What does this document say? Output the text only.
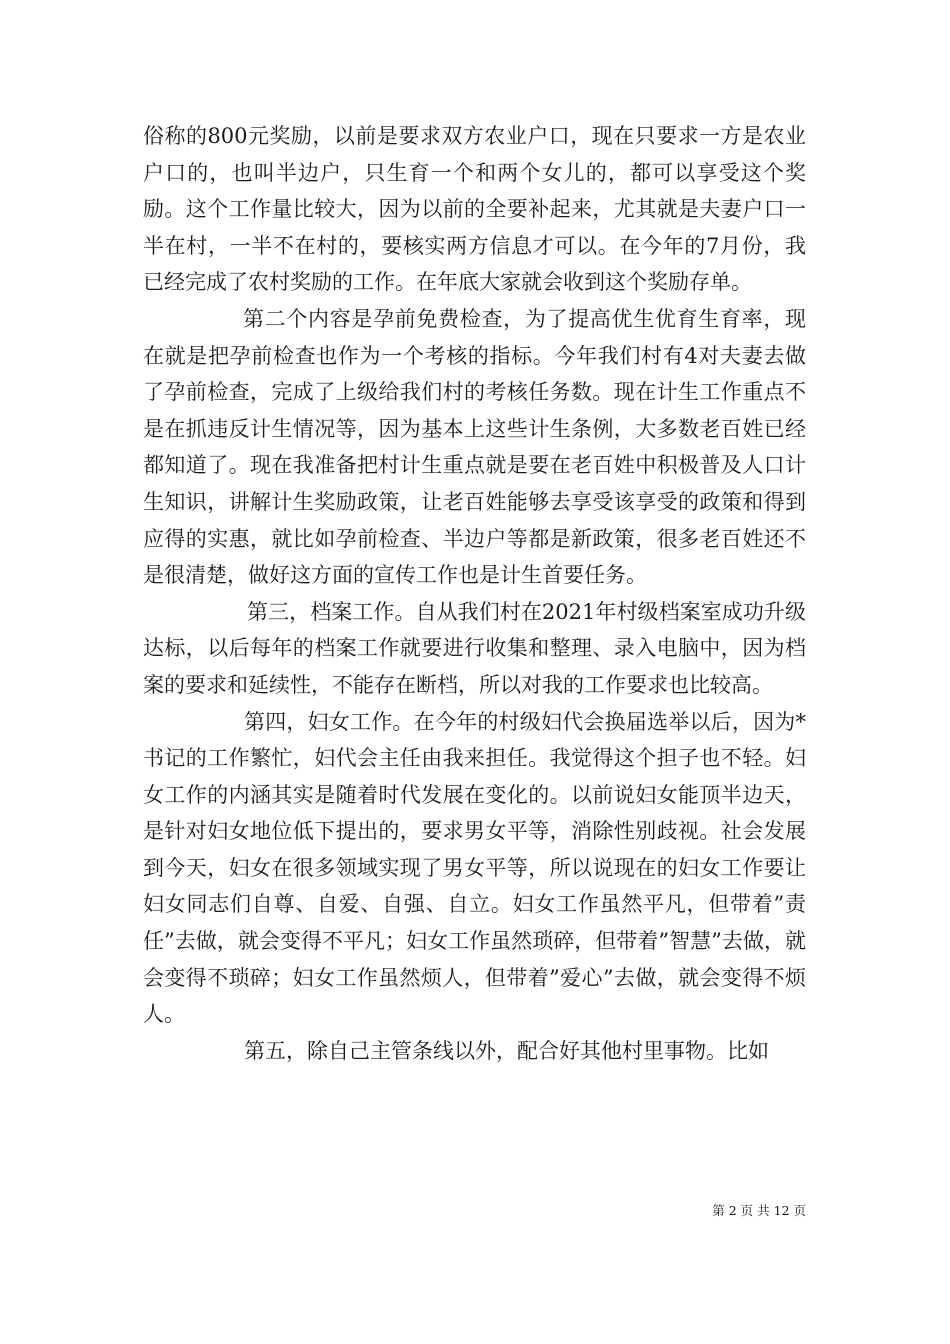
俗称的800元奖励，以前是要求双方农业户口，现在只要求一方是农业户口的，也叫半边户，只生育一个和两个女儿的，都可以享受这个奖励。这个工作量比较大，因为以前的全要补起来，尤其就是夫妻户口一半在村，一半不在村的，要核实两方信息才可以。在今年的7月份，我已经完成了农村奖励的工作。在年底大家就会收到这个奖励存单。

第二个内容是孕前免费检查，为了提高优生优育生育率，现在就是把孕前检查也作为一个考核的指标。今年我们村有4对夫妻去做了孕前检查，完成了上级给我们村的考核任务数。现在计生工作重点不是在抓违反计生情况等，因为基本上这些计生条例，大多数老百姓已经都知道了。现在我准备把村计生重点就是要在老百姓中积极普及人口计生知识，讲解计生奖励政策，让老百姓能够去享受该享受的政策和得到应得的实惠，就比如孕前检查、半边户等都是新政策，很多老百姓还不是很清楚，做好这方面的宣传工作也是计生首要任务。

第三，档案工作。自从我们村在2021年村级档案室成功升级达标，以后每年的档案工作就要进行收集和整理、录入电脑中，因为档案的要求和延续性，不能存在断档，所以对我的工作要求也比较高。

第四，妇女工作。在今年的村级妇代会换届选举以后，因为*书记的工作繁忙，妇代会主任由我来担任。我觉得这个担子也不轻。妇女工作的内涵其实是随着时代发展在变化的。以前说妇女能顶半边天，是针对妇女地位低下提出的，要求男女平等，消除性别歧视。社会发展到今天，妇女在很多领域实现了男女平等，所以说现在的妇女工作要让妇女同志们自尊、自爱、自强、自立。妇女工作虽然平凡，但带着”责任”去做，就会变得不平凡；妇女工作虽然琐碎，但带着”智慧”去做，就会变得不琐碎；妇女工作虽然烦人，但带着”爱心”去做，就会变得不烦人。

第五，除自己主管条线以外，配合好其他村里事物。比如

第 2 页 共 12 页
